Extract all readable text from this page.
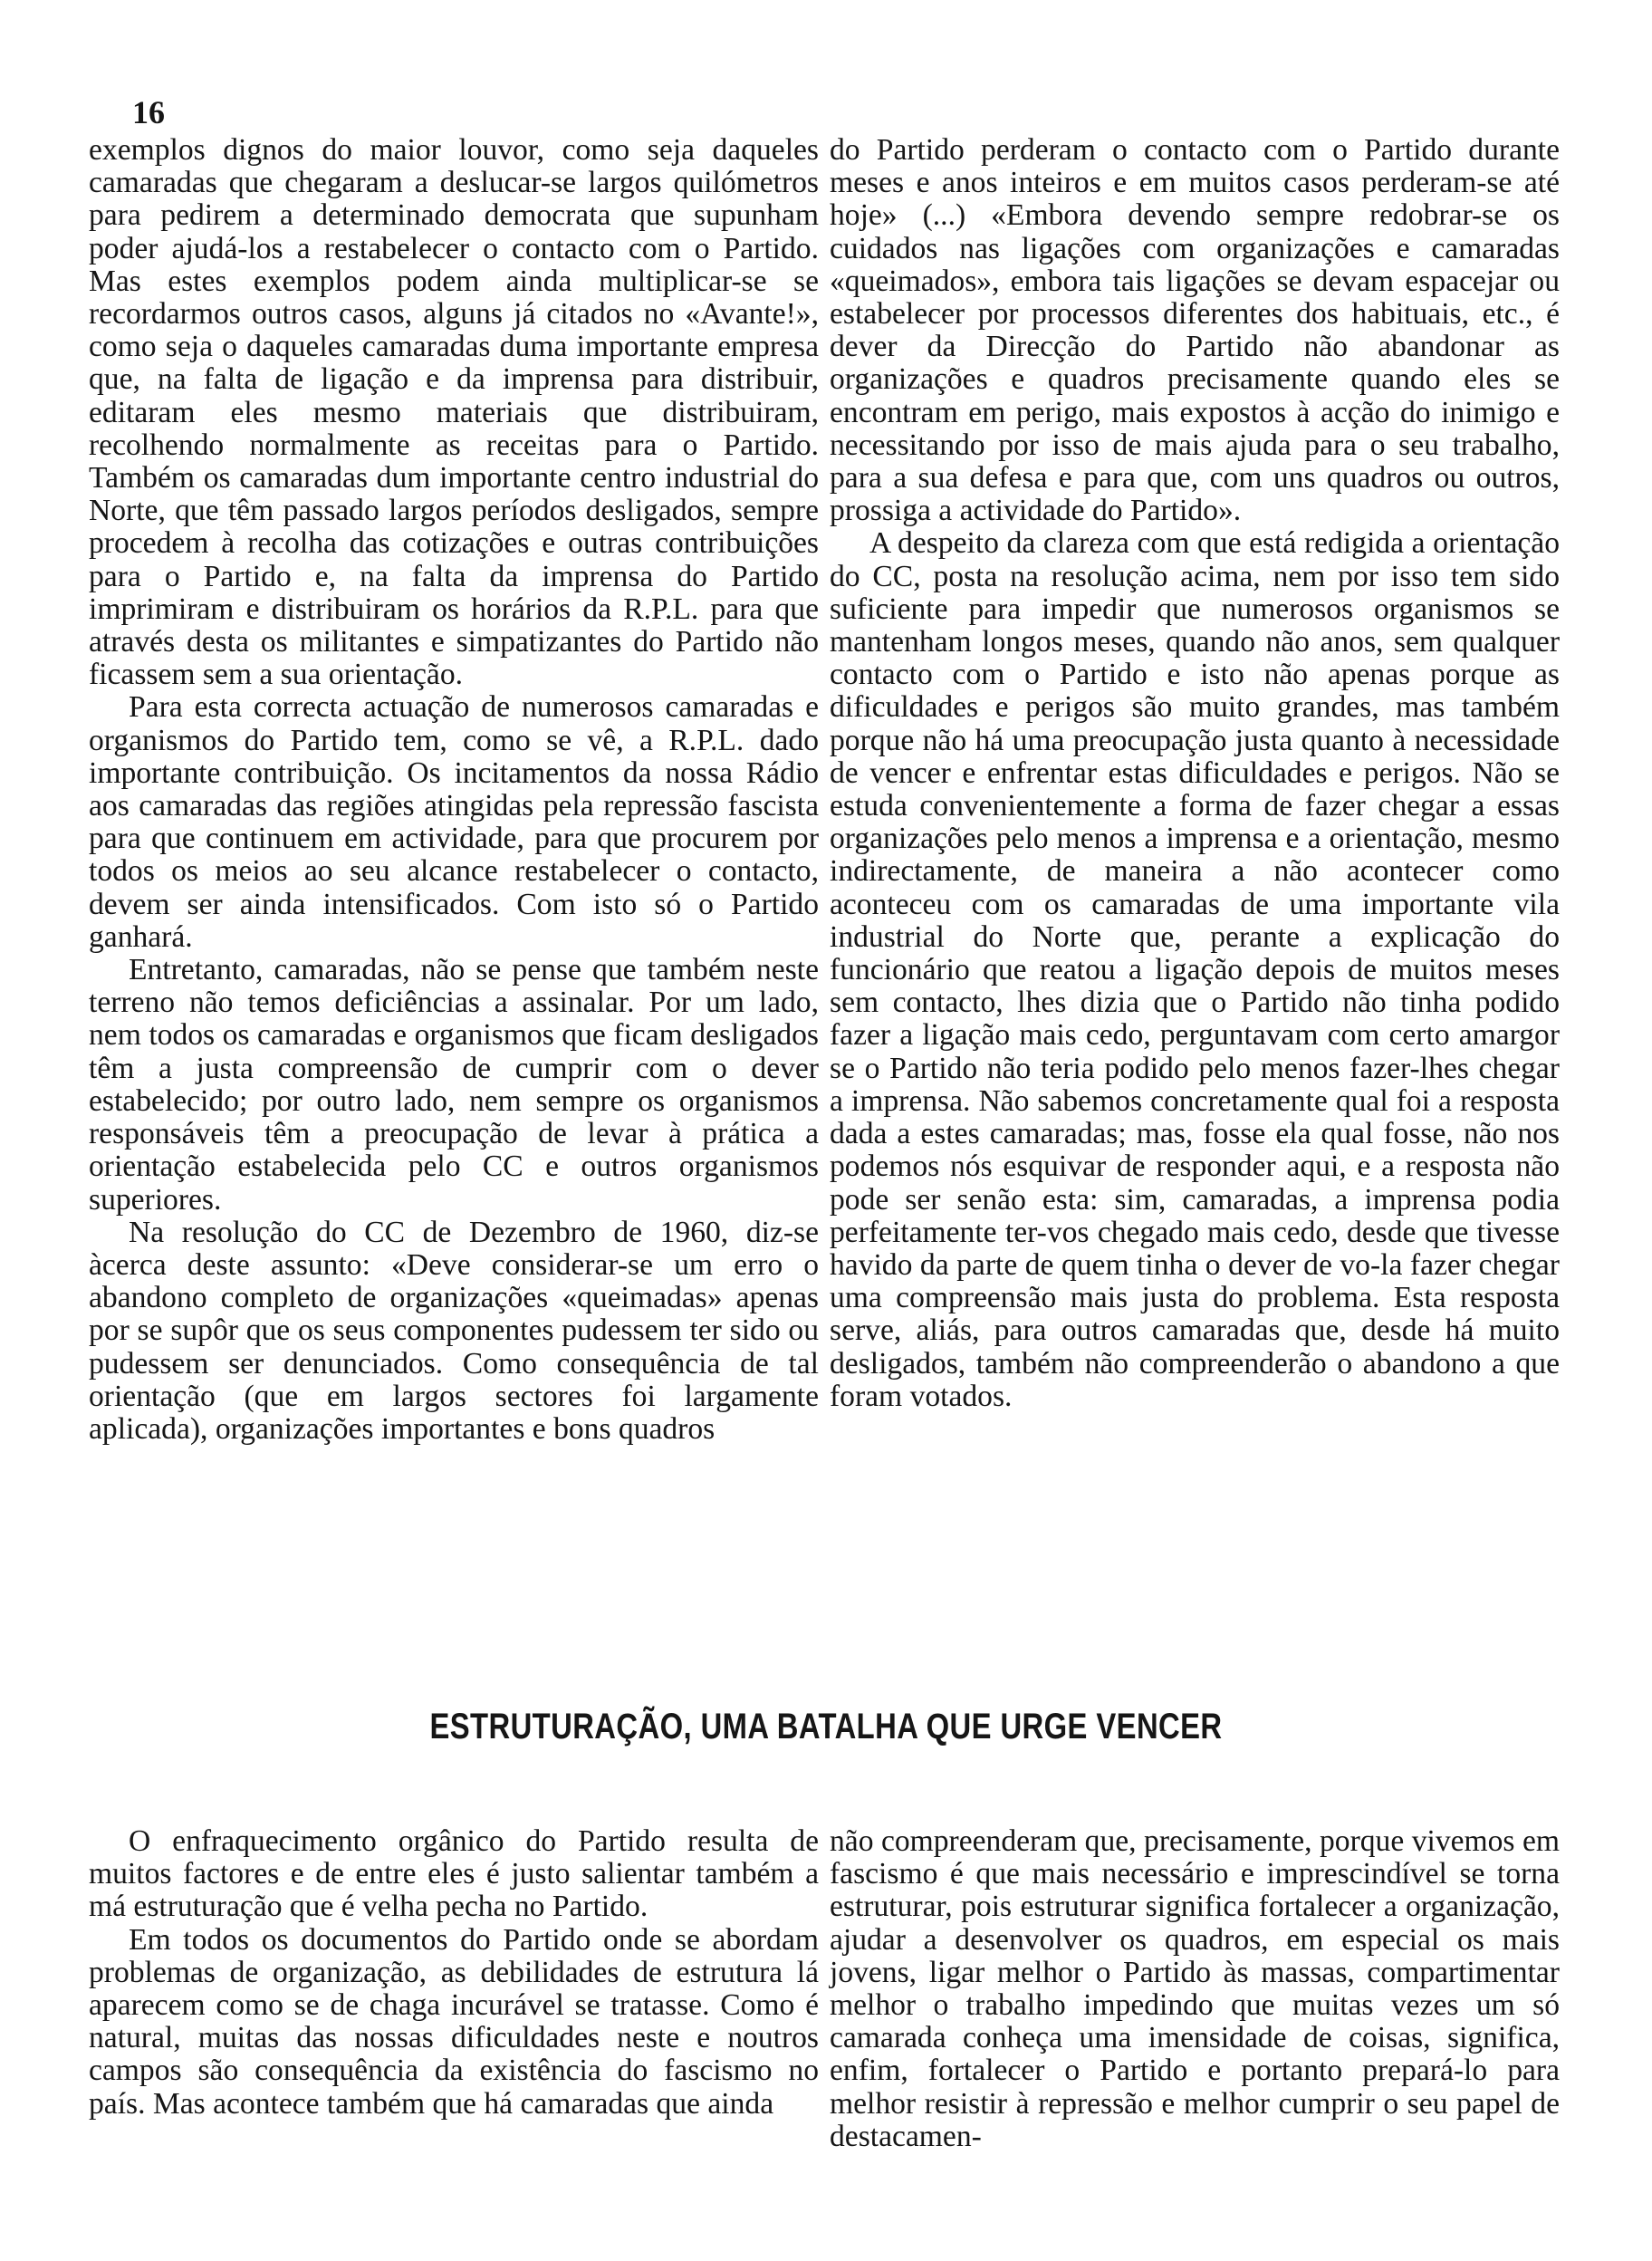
16

exemplos dignos do maior louvor, como seja daqueles camaradas que chegaram a deslucar-se largos quilómetros para pedirem a determinado democrata que supunham poder ajudá-los a restabelecer o contacto com o Partido. Mas estes exemplos podem ainda multiplicar-se se recordarmos outros casos, alguns já citados no «Avante!», como seja o daqueles camaradas duma importante empresa que, na falta de ligação e da imprensa para distribuir, editaram eles mesmo materiais que distribuiram, recolhendo normalmente as receitas para o Partido. Também os camaradas dum importante centro industrial do Norte, que têm passado largos períodos desligados, sempre procedem à recolha das cotizações e outras contribuições para o Partido e, na falta da imprensa do Partido imprimiram e distribuiram os horários da R.P.L. para que através desta os militantes e simpatizantes do Partido não ficassem sem a sua orientação.

Para esta correcta actuação de numerosos camaradas e organismos do Partido tem, como se vê, a R.P.L. dado importante contribuição. Os incitamentos da nossa Rádio aos camaradas das regiões atingidas pela repressão fascista para que continuem em actividade, para que procurem por todos os meios ao seu alcance restabelecer o contacto, devem ser ainda intensificados. Com isto só o Partido ganhará.

Entretanto, camaradas, não se pense que também neste terreno não temos deficiências a assinalar. Por um lado, nem todos os camaradas e organismos que ficam desligados têm a justa compreensão de cumprir com o dever estabelecido; por outro lado, nem sempre os organismos responsáveis têm a preocupação de levar à prática a orientação estabelecida pelo CC e outros organismos superiores.

Na resolução do CC de Dezembro de 1960, diz-se àcerca deste assunto: «Deve considerar-se um erro o abandono completo de organizações «queimadas» apenas por se supôr que os seus componentes pudessem ter sido ou pudessem ser denunciados. Como consequência de tal orientação (que em largos sectores foi largamente aplicada), organizações importantes e bons quadros

do Partido perderam o contacto com o Partido durante meses e anos inteiros e em muitos casos perderam-se até hoje» (...) «Embora devendo sempre redobrar-se os cuidados nas ligações com organizações e camaradas «queimados», embora tais ligações se devam espacejar ou estabelecer por processos diferentes dos habituais, etc., é dever da Direcção do Partido não abandonar as organizações e quadros precisamente quando eles se encontram em perigo, mais expostos à acção do inimigo e necessitando por isso de mais ajuda para o seu trabalho, para a sua defesa e para que, com uns quadros ou outros, prossiga a actividade do Partido».

A despeito da clareza com que está redigida a orientação do CC, posta na resolução acima, nem por isso tem sido suficiente para impedir que numerosos organismos se mantenham longos meses, quando não anos, sem qualquer contacto com o Partido e isto não apenas porque as dificuldades e perigos são muito grandes, mas também porque não há uma preocupação justa quanto à necessidade de vencer e enfrentar estas dificuldades e perigos. Não se estuda convenientemente a forma de fazer chegar a essas organizações pelo menos a imprensa e a orientação, mesmo indirectamente, de maneira a não acontecer como aconteceu com os camaradas de uma importante vila industrial do Norte que, perante a explicação do funcionário que reatou a ligação depois de muitos meses sem contacto, lhes dizia que o Partido não tinha podido fazer a ligação mais cedo, perguntavam com certo amargor se o Partido não teria podido pelo menos fazer-lhes chegar a imprensa. Não sabemos concretamente qual foi a resposta dada a estes camaradas; mas, fosse ela qual fosse, não nos podemos nós esquivar de responder aqui, e a resposta não pode ser senão esta: sim, camaradas, a imprensa podia perfeitamente ter-vos chegado mais cedo, desde que tivesse havido da parte de quem tinha o dever de vo-la fazer chegar uma compreensão mais justa do problema. Esta resposta serve, aliás, para outros camaradas que, desde há muito desligados, também não compreenderão o abandono a que foram votados.

ESTRUTURAÇÃO, UMA BATALHA QUE URGE VENCER

O enfraquecimento orgânico do Partido resulta de muitos factores e de entre eles é justo salientar também a má estruturação que é velha pecha no Partido.

Em todos os documentos do Partido onde se abordam problemas de organização, as debilidades de estrutura lá aparecem como se de chaga incurável se tratasse. Como é natural, muitas das nossas dificuldades neste e noutros campos são consequência da existência do fascismo no país. Mas acontece também que há camaradas que ainda

não compreenderam que, precisamente, porque vivemos em fascismo é que mais necessário e imprescindível se torna estruturar, pois estruturar significa fortalecer a organização, ajudar a desenvolver os quadros, em especial os mais jovens, ligar melhor o Partido às massas, compartimentar melhor o trabalho impedindo que muitas vezes um só camarada conheça uma imensidade de coisas, significa, enfim, fortalecer o Partido e portanto prepará-lo para melhor resistir à repressão e melhor cumprir o seu papel de destacamen-
